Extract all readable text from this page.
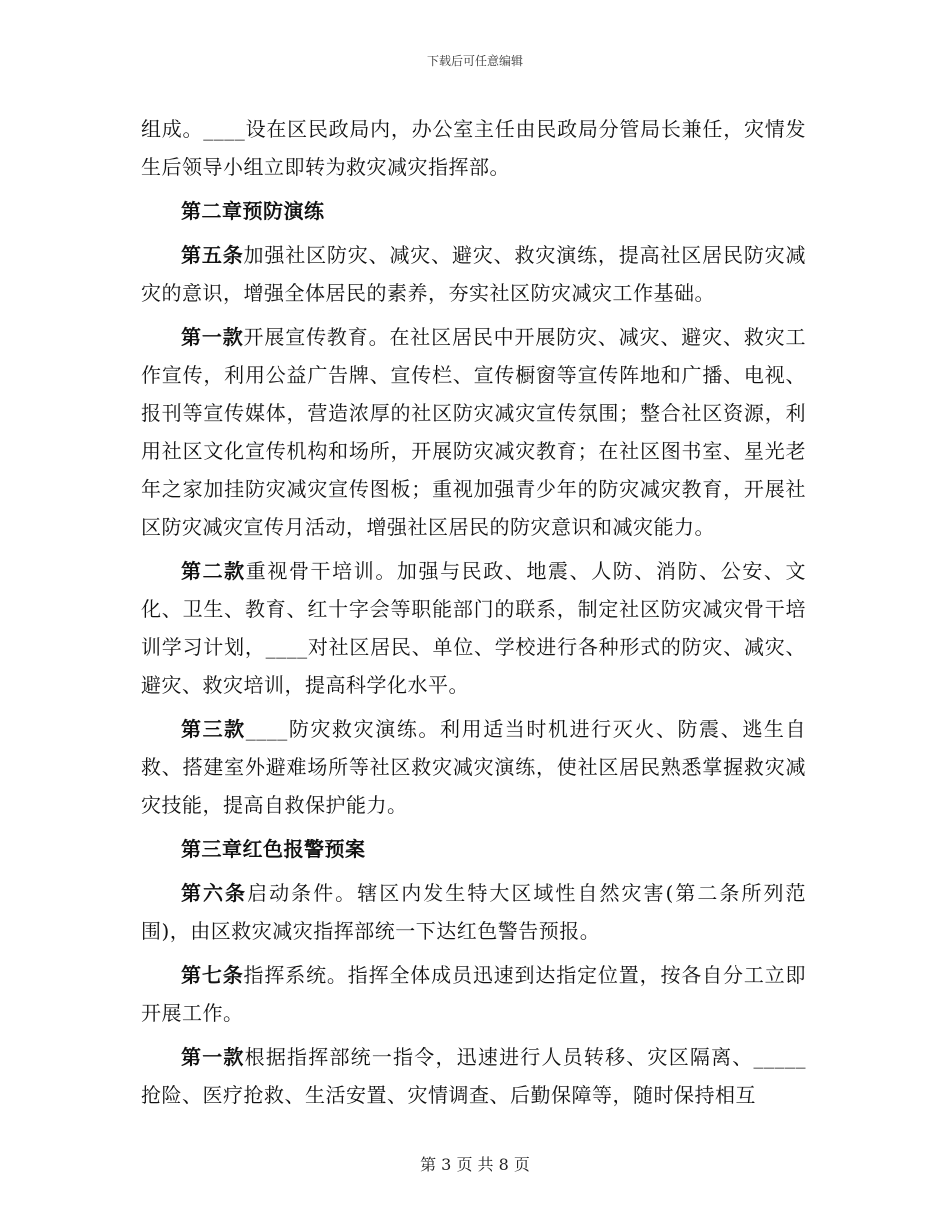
下载后可任意编辑

组成。____设在区民政局内，办公室主任由民政局分管局长兼任，灾情发生后领导小组立即转为救灾减灾指挥部。

第二章预防演练

第五条加强社区防灾、减灾、避灾、救灾演练，提高社区居民防灾减灾的意识，增强全体居民的素养，夯实社区防灾减灾工作基础。

第一款开展宣传教育。在社区居民中开展防灾、减灾、避灾、救灾工作宣传，利用公益广告牌、宣传栏、宣传橱窗等宣传阵地和广播、电视、报刊等宣传媒体，营造浓厚的社区防灾减灾宣传氛围；整合社区资源，利用社区文化宣传机构和场所，开展防灾减灾教育；在社区图书室、星光老年之家加挂防灾减灾宣传图板；重视加强青少年的防灾减灾教育，开展社区防灾减灾宣传月活动，增强社区居民的防灾意识和减灾能力。

第二款重视骨干培训。加强与民政、地震、人防、消防、公安、文化、卫生、教育、红十字会等职能部门的联系，制定社区防灾减灾骨干培训学习计划，____对社区居民、单位、学校进行各种形式的防灾、减灾、避灾、救灾培训，提高科学化水平。

第三款____防灾救灾演练。利用适当时机进行灭火、防震、逃生自救、搭建室外避难场所等社区救灾减灾演练，使社区居民熟悉掌握救灾减灾技能，提高自救保护能力。

第三章红色报警预案

第六条启动条件。辖区内发生特大区域性自然灾害(第二条所列范围)，由区救灾减灾指挥部统一下达红色警告预报。

第七条指挥系统。指挥全体成员迅速到达指定位置，按各自分工立即开展工作。

第一款根据指挥部统一指令，迅速进行人员转移、灾区隔离、_____抢险、医疗抢救、生活安置、灾情调查、后勤保障等，随时保持相互

第 3 页 共 8 页
